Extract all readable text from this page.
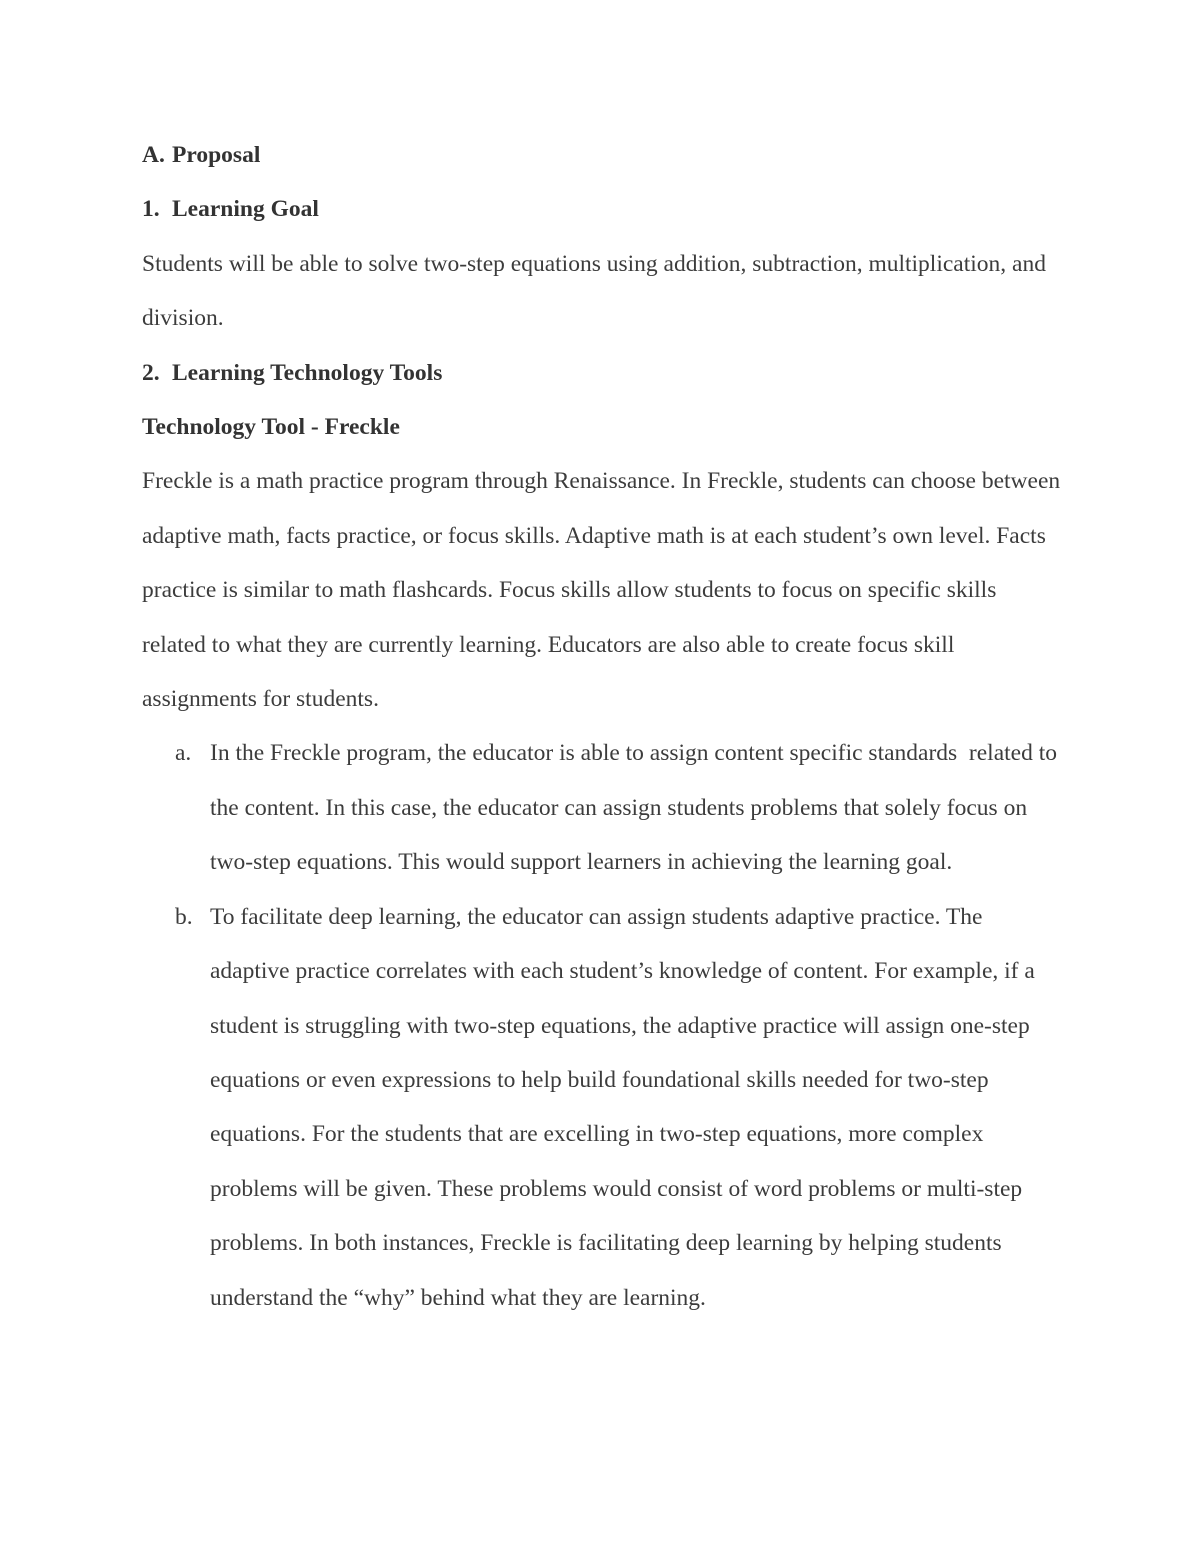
A. Proposal

1. Learning Goal

Students will be able to solve two-step equations using addition, subtraction, multiplication, and division.

2. Learning Technology Tools

Technology Tool - Freckle

Freckle is a math practice program through Renaissance. In Freckle, students can choose between adaptive math, facts practice, or focus skills. Adaptive math is at each student’s own level. Facts practice is similar to math flashcards. Focus skills allow students to focus on specific skills related to what they are currently learning. Educators are also able to create focus skill assignments for students.

a. In the Freckle program, the educator is able to assign content specific standards  related to the content. In this case, the educator can assign students problems that solely focus on two-step equations. This would support learners in achieving the learning goal.

b. To facilitate deep learning, the educator can assign students adaptive practice. The adaptive practice correlates with each student’s knowledge of content. For example, if a student is struggling with two-step equations, the adaptive practice will assign one-step equations or even expressions to help build foundational skills needed for two-step equations. For the students that are excelling in two-step equations, more complex problems will be given. These problems would consist of word problems or multi-step problems. In both instances, Freckle is facilitating deep learning by helping students understand the “why” behind what they are learning.
